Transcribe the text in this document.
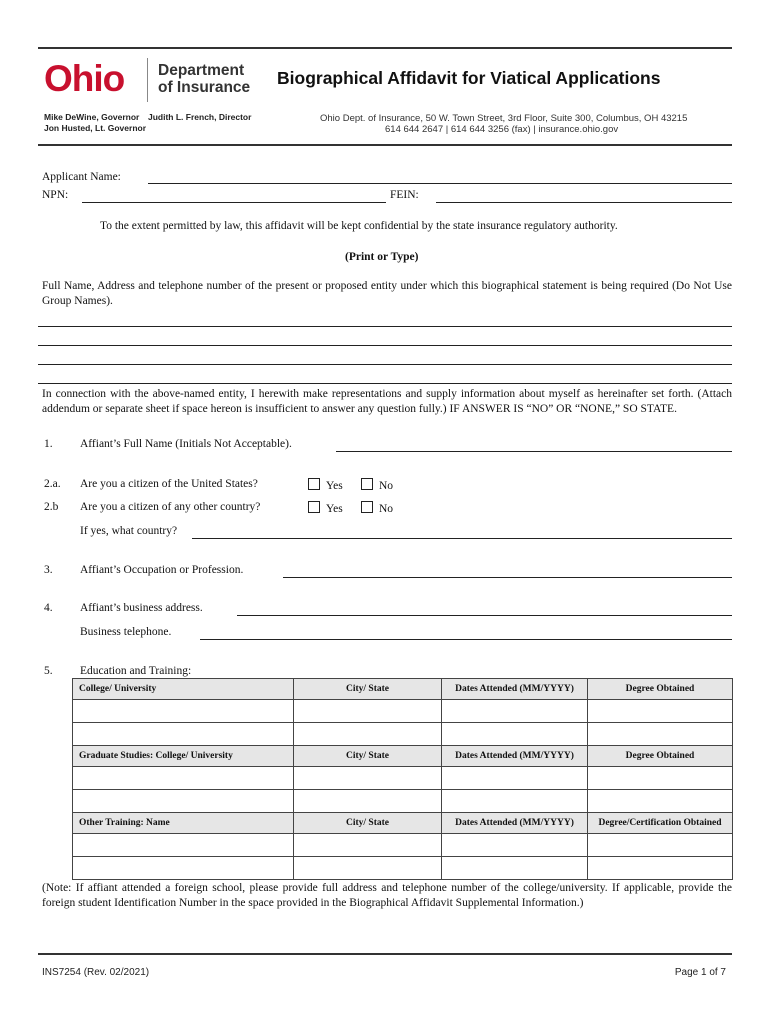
Ohio Department of Insurance	Biographical Affidavit for Viatical Applications
Mike DeWine, Governor
Jon Husted, Lt. Governor
Judith L. French, Director	Ohio Dept. of Insurance, 50 W. Town Street, 3rd Floor, Suite 300, Columbus, OH 43215
614 644 2647 | 614 644 3256 (fax) | insurance.ohio.gov
Applicant Name:
NPN:	FEIN:
To the extent permitted by law, this affidavit will be kept confidential by the state insurance regulatory authority.
(Print or Type)
Full Name, Address and telephone number of the present or proposed entity under which this biographical statement is being required (Do Not Use Group Names).
In connection with the above-named entity, I herewith make representations and supply information about myself as hereinafter set forth. (Attach addendum or separate sheet if space hereon is insufficient to answer any question fully.) IF ANSWER IS “NO” OR “NONE,” SO STATE.
1. Affiant’s Full Name (Initials Not Acceptable).
2.a. Are you a citizen of the United States?	Yes	No
2.b Are you a citizen of any other country?	Yes	No
If yes, what country?
3. Affiant’s Occupation or Profession.
4. Affiant’s business address.
Business telephone.
5. Education and Training:
College/ University	City/ State	Dates Attended (MM/YYYY)	Degree Obtained

Graduate Studies: College/ University	City/ State	Dates Attended (MM/YYYY)	Degree Obtained

Other Training: Name	City/ State	Dates Attended (MM/YYYY)	Degree/Certification Obtained

(Note: If affiant attended a foreign school, please provide full address and telephone number of the college/university. If applicable, provide the foreign student Identification Number in the space provided in the Biographical Affidavit Supplemental Information.)
INS7254 (Rev. 02/2021)	Page 1 of 7
